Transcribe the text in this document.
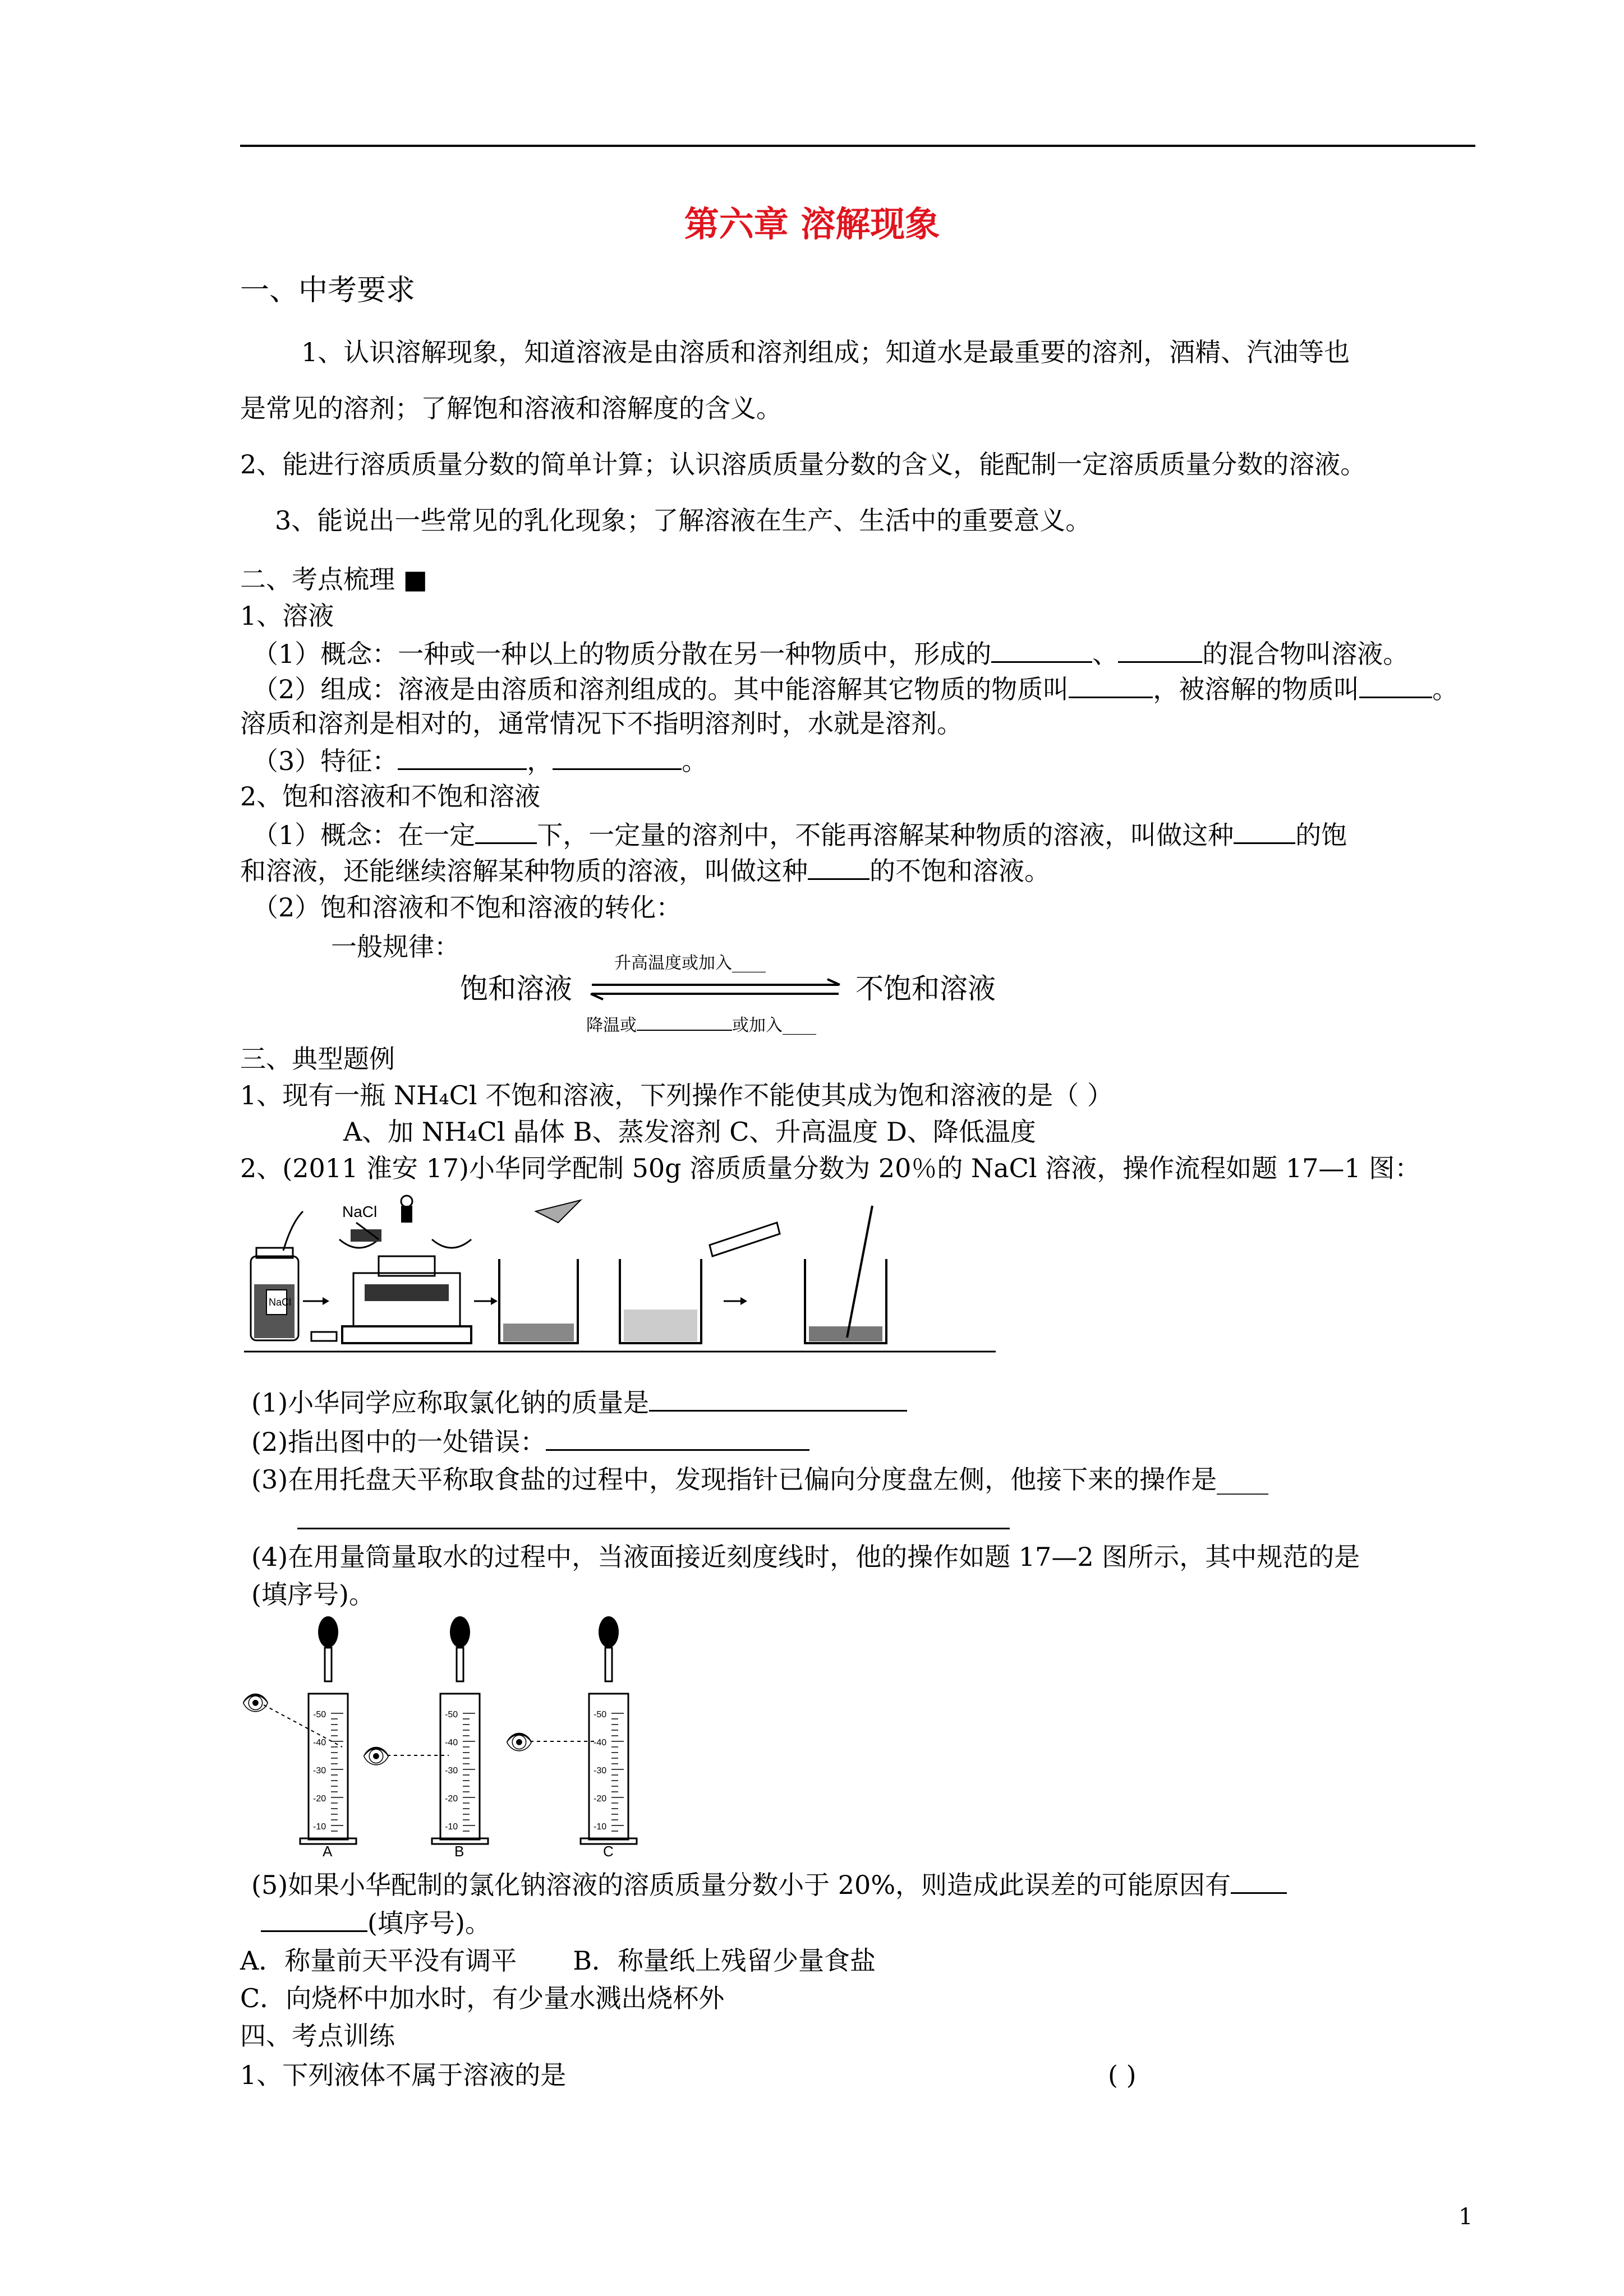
第六章 溶解现象
一、中考要求
1、认识溶解现象，知道溶液是由溶质和溶剂组成；知道水是最重要的溶剂，酒精、汽油等也
是常见的溶剂；了解饱和溶液和溶解度的含义。
2、能进行溶质质量分数的简单计算；认识溶质质量分数的含义，能配制一定溶质质量分数的溶液。
3、能说出一些常见的乳化现象；了解溶液在生产、生活中的重要意义。
二、考点梳理 ■
1、溶液
（1）概念：一种或一种以上的物质分散在另一种物质中，形成的	、	的混合物叫溶液。
（2）组成：溶液是由溶质和溶剂组成的。其中能溶解其它物质的物质叫	，被溶解的物质叫	。
溶质和溶剂是相对的，通常情况下不指明溶剂时，水就是溶剂。
（3）特征：	，	。
2、饱和溶液和不饱和溶液
（1）概念：在一定 下，一定量的溶剂中，不能再溶解某种物质的溶液，叫做这种 的饱
和溶液，还能继续溶解某种物质的溶液，叫做这种 的不饱和溶液。
（2）饱和溶液和不饱和溶液的转化：
一般规律：
饱和溶液	不饱和溶液
升高温度或加入____
降温或	或加入____
三、典型题例
1、现有一瓶 NH₄Cl 不饱和溶液，下列操作不能使其成为饱和溶液的是（ ）
A、加 NH₄Cl 晶体 B、蒸发溶剂 C、升高温度 D、降低温度
2、(2011 淮安 17)小华同学配制 50g 溶质质量分数为 20％的 NaCl 溶液，操作流程如题 17—1 图：
NaCl
NaCl
(1)小华同学应称取氯化钠的质量是
(2)指出图中的一处错误：
(3)在用托盘天平称取食盐的过程中，发现指针已偏向分度盘左侧，他接下来的操作是____
(4)在用量筒量取水的过程中，当液面接近刻度线时，他的操作如题 17—2 图所示，其中规范的是
(填序号)。
A	B	C
-50
-40
-30
-20
-10
-50
-40
-30
-20
-10
-50
-40
-30
-20
-10
👁
👁
👁
(5)如果小华配制的氯化钠溶液的溶质质量分数小于 20%，则造成此误差的可能原因有
(填序号)。
A．称量前天平没有调平 B．称量纸上残留少量食盐
C．向烧杯中加水时，有少量水溅出烧杯外
四、考点训练
1、下列液体不属于溶液的是	( )
1
